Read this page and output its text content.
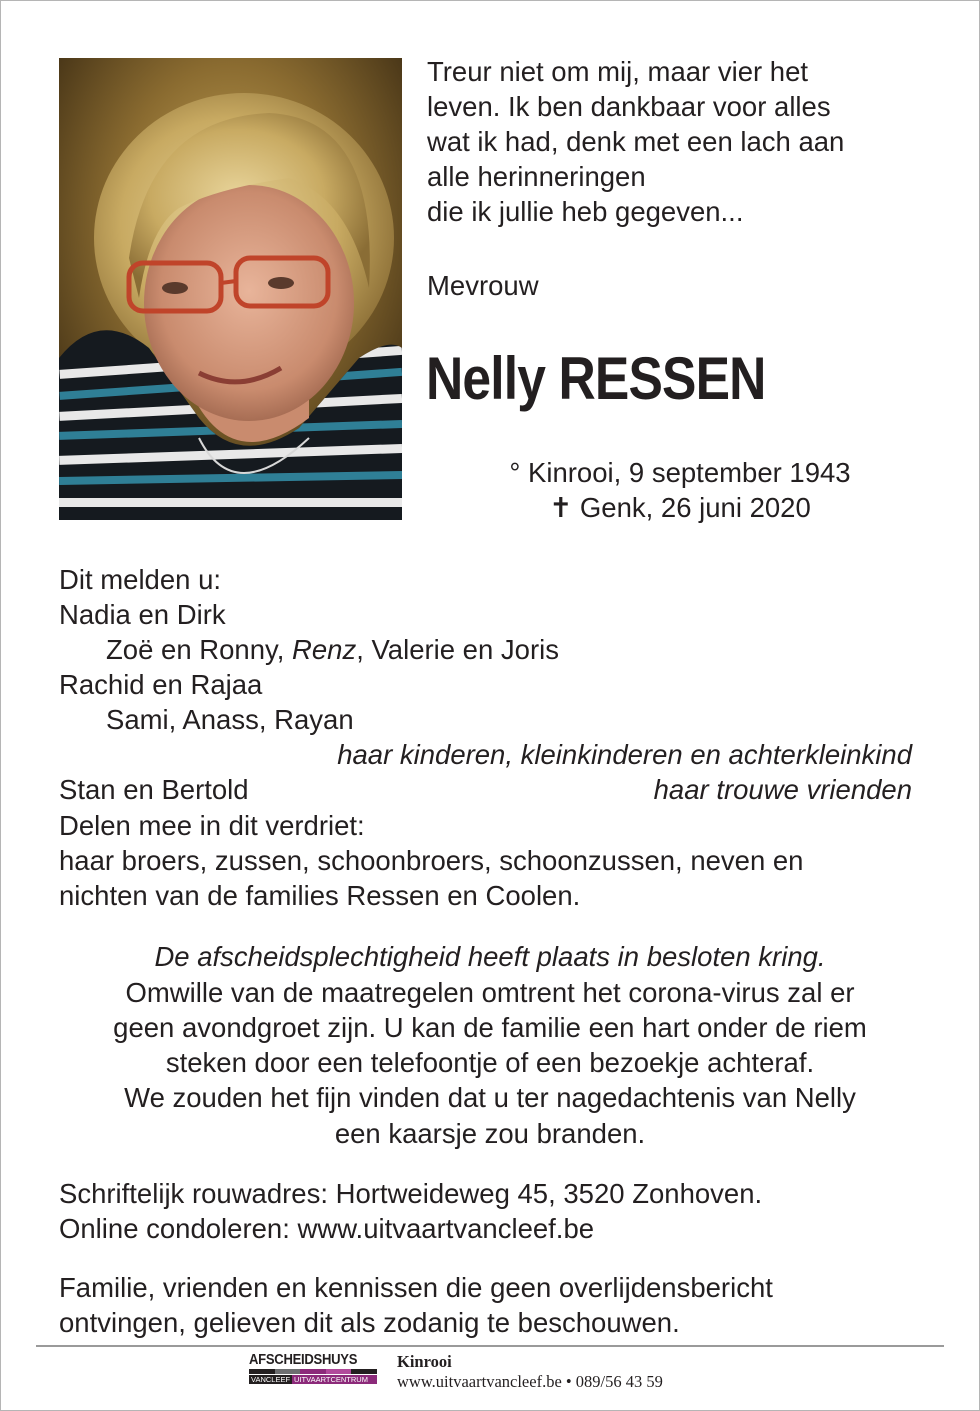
Treur niet om mij, maar vier het
leven. Ik ben dankbaar voor alles
wat ik had, denk met een lach aan
alle herinneringen
die ik jullie heb gegeven...
Mevrouw
Nelly RESSEN
° Kinrooi, 9 september 1943
✝ Genk, 26 juni 2020
Dit melden u:
Nadia en Dirk
Zoë en Ronny, Renz, Valerie en Joris
Rachid en Rajaa
Sami, Anass, Rayan
haar kinderen, kleinkinderen en achterkleinkind
Stan en Bertold	haar trouwe vrienden
Delen mee in dit verdriet:
haar broers, zussen, schoonbroers, schoonzussen, neven en
nichten van de families Ressen en Coolen.
De afscheidsplechtigheid heeft plaats in besloten kring.
Omwille van de maatregelen omtrent het corona-virus zal er
geen avondgroet zijn. U kan de familie een hart onder de riem
steken door een telefoontje of een bezoekje achteraf.
We zouden het fijn vinden dat u ter nagedachtenis van Nelly
een kaarsje zou branden.
Schriftelijk rouwadres: Hortweideweg 45, 3520 Zonhoven.
Online condoleren: www.uitvaartvancleef.be
Familie, vrienden en kennissen die geen overlijdensbericht
ontvingen, gelieven dit als zodanig te beschouwen.
AFSCHEIDSHUYS
VANCLEEF UITVAARTCENTRUM
Kinrooi
www.uitvaartvancleef.be • 089/56 43 59
